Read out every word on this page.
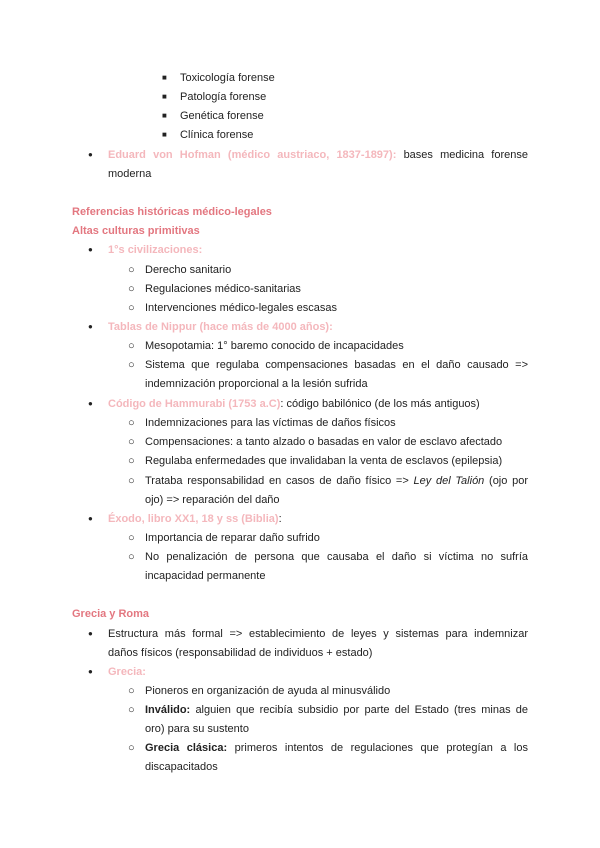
■ Toxicología forense
■ Patología forense
■ Genética forense
■ Clínica forense
● Eduard von Hofman (médico austriaco, 1837-1897): bases medicina forense
moderna
Referencias históricas médico-legales
Altas culturas primitivas
● 1°s civilizaciones:
○ Derecho sanitario
○ Regulaciones médico-sanitarias
○ Intervenciones médico-legales escasas
● Tablas de Nippur (hace más de 4000 años):
○ Mesopotamia: 1° baremo conocido de incapacidades
○ Sistema que regulaba compensaciones basadas en el daño causado =>
indemnización proporcional a la lesión sufrida
● Código de Hammurabi (1753 a.C): código babilónico (de los más antiguos)
○ Indemnizaciones para las víctimas de daños físicos
○ Compensaciones: a tanto alzado o basadas en valor de esclavo afectado
○ Regulaba enfermedades que invalidaban la venta de esclavos (epilepsia)
○ Trataba responsabilidad en casos de daño físico => Ley del Talión (ojo por
ojo) => reparación del daño
● Éxodo, libro XX1, 18 y ss (Biblia):
○ Importancia de reparar daño sufrido
○ No penalización de persona que causaba el daño si víctima no sufría
incapacidad permanente
Grecia y Roma
● Estructura más formal => establecimiento de leyes y sistemas para indemnizar
daños físicos (responsabilidad de individuos + estado)
● Grecia:
○ Pioneros en organización de ayuda al minusválido
○ Inválido: alguien que recibía subsidio por parte del Estado (tres minas de
oro) para su sustento
○ Grecia clásica: primeros intentos de regulaciones que protegían a los
discapacitados
